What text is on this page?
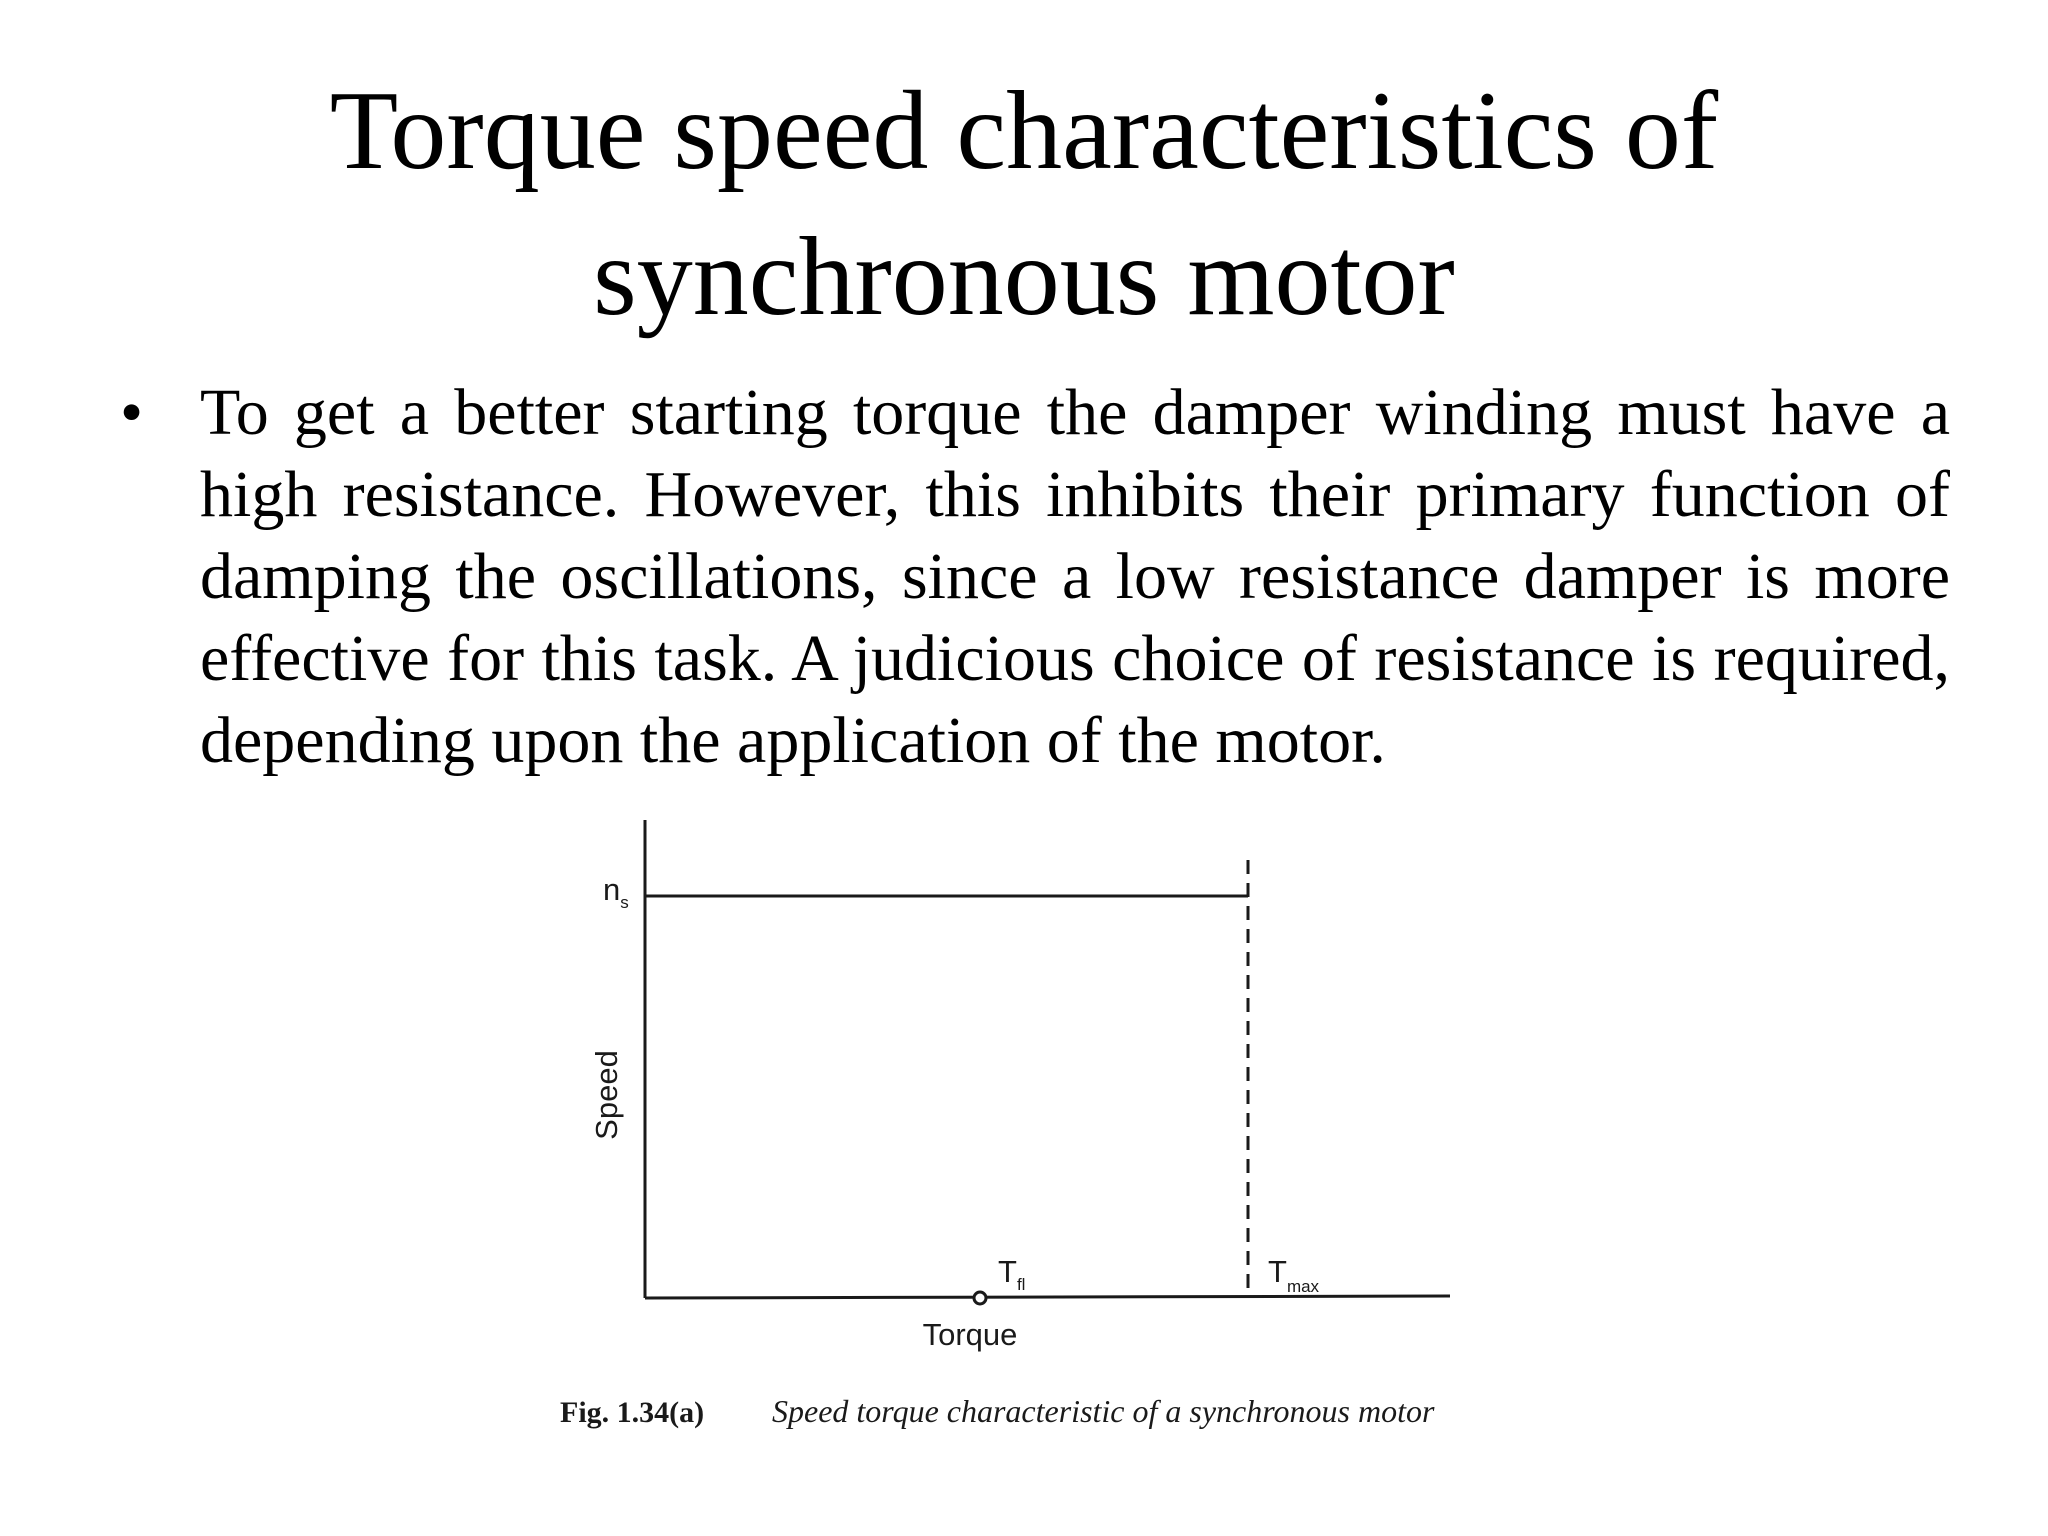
Torque speed characteristics of
synchronous motor
• To get a better starting torque the damper winding must have a high resistance. However, this inhibits their primary function of damping the oscillations, since a low resistance damper is more effective for this task. A judicious choice of resistance is required, depending upon the application of the motor.

$n_s$
Speed
$T_{fl}$	$T_{max}$
Torque
Fig. 1.34(a) Speed torque characteristic of a synchronous motor
